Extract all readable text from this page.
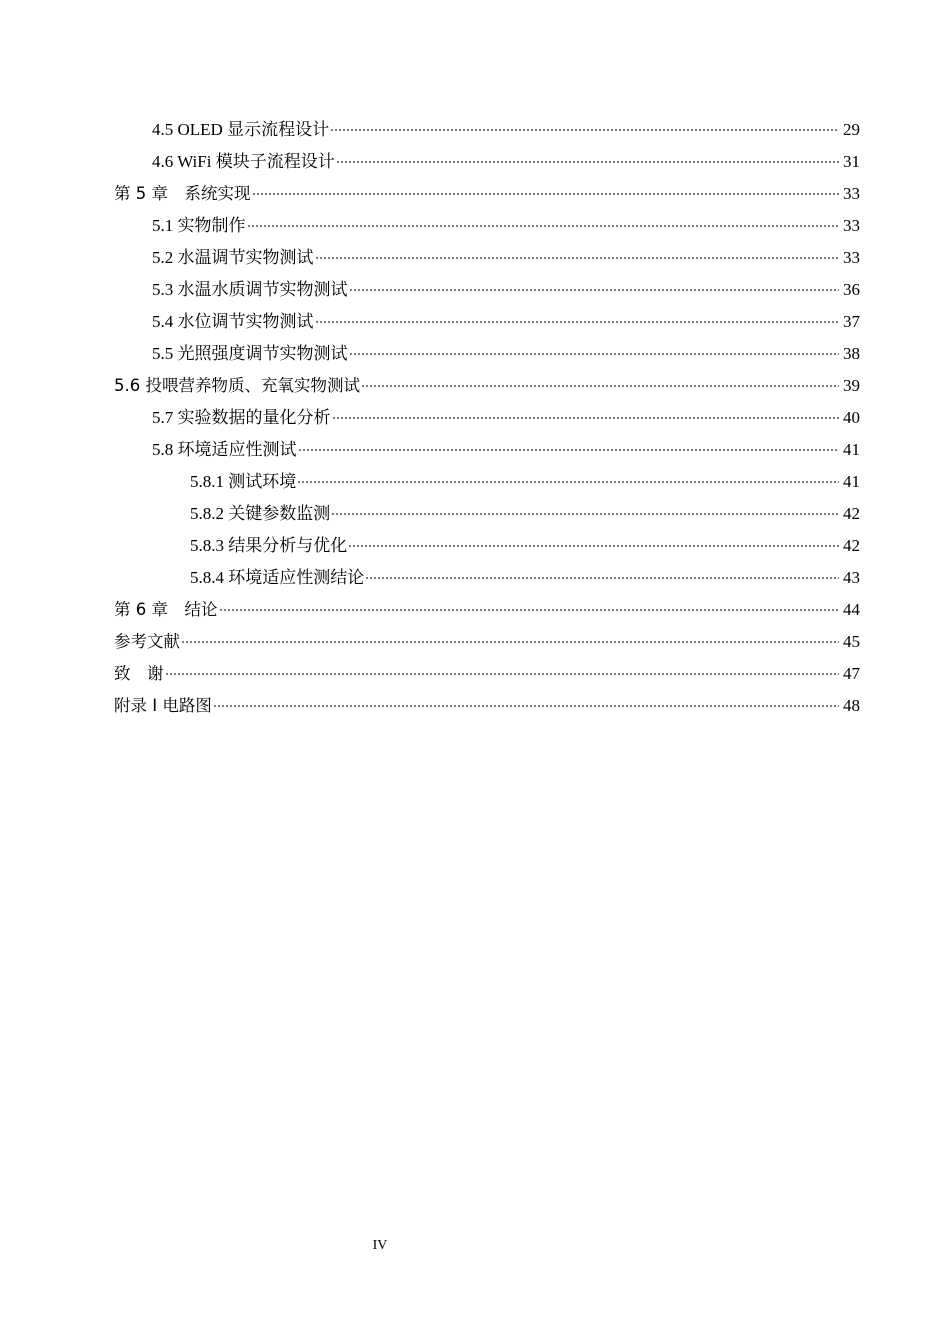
4.5 OLED 显示流程设计	29
4.6 WiFi 模块子流程设计	31
第 5 章　系统实现	33
5.1 实物制作	33
5.2 水温调节实物测试	33
5.3 水温水质调节实物测试	36
5.4 水位调节实物测试	37
5.5 光照强度调节实物测试	38
5.6 投喂营养物质、充氧实物测试	39
5.7 实验数据的量化分析	40
5.8 环境适应性测试	41
5.8.1 测试环境	41
5.8.2 关键参数监测	42
5.8.3 结果分析与优化	42
5.8.4 环境适应性测结论	43
第 6 章　结论	44
参考文献	45
致　谢	47
附录 I 电路图	48
IV
